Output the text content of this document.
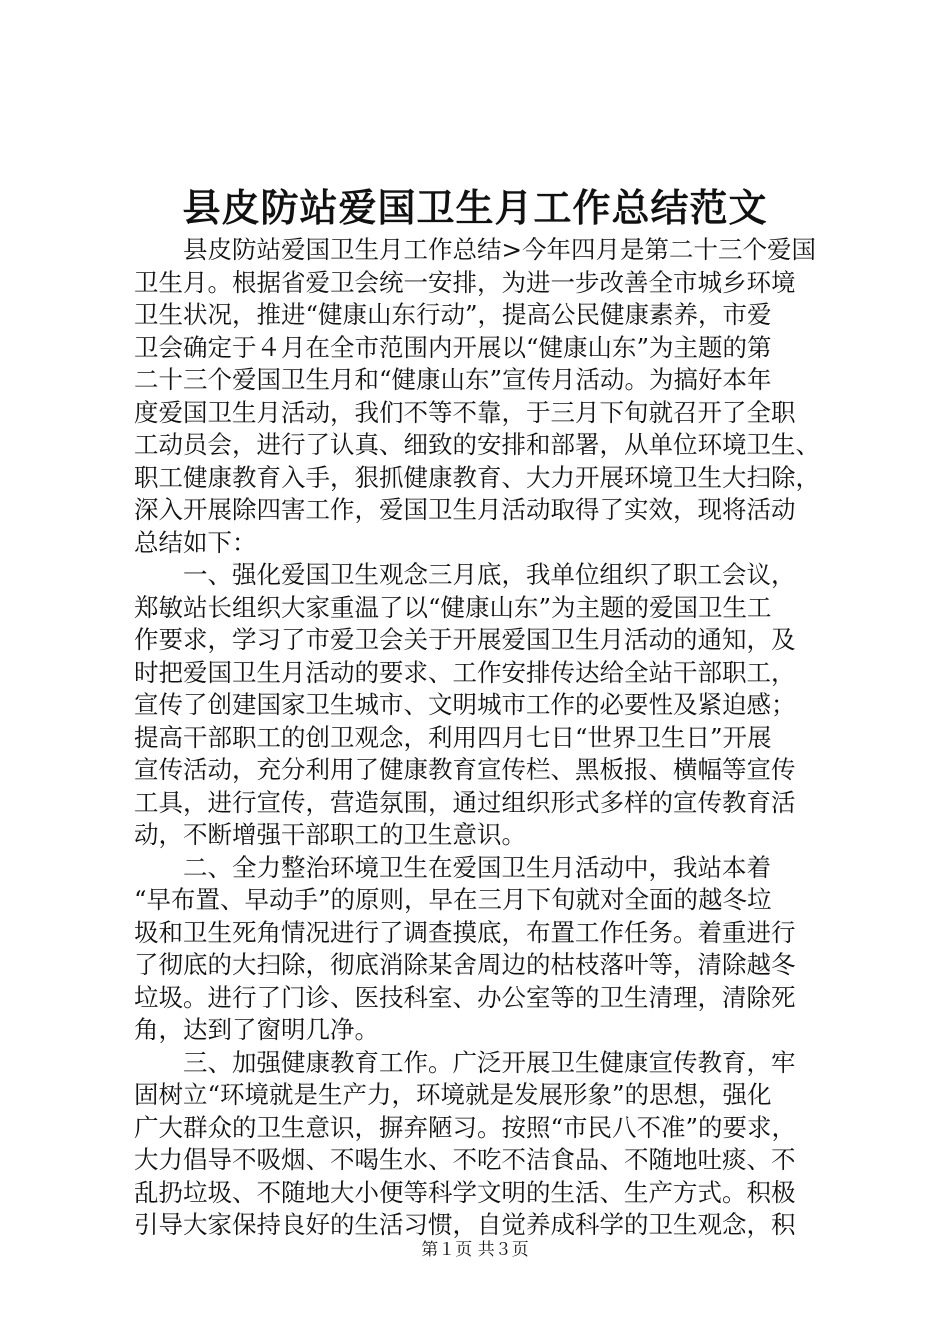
县皮防站爱国卫生月工作总结范文
　　县皮防站爱国卫生月工作总结>今年四月是第二十三个爱国
卫生月。根据省爱卫会统一安排，为进一步改善全市城乡环境
卫生状况，推进“健康山东行动”，提高公民健康素养，市爱
卫会确定于４月在全市范围内开展以“健康山东”为主题的第
二十三个爱国卫生月和“健康山东”宣传月活动。为搞好本年
度爱国卫生月活动，我们不等不靠，于三月下旬就召开了全职
工动员会，进行了认真、细致的安排和部署，从单位环境卫生、
职工健康教育入手，狠抓健康教育、大力开展环境卫生大扫除，
深入开展除四害工作，爱国卫生月活动取得了实效，现将活动
总结如下：
　　一、强化爱国卫生观念三月底，我单位组织了职工会议，
郑敏站长组织大家重温了以“健康山东”为主题的爱国卫生工
作要求，学习了市爱卫会关于开展爱国卫生月活动的通知，及
时把爱国卫生月活动的要求、工作安排传达给全站干部职工，
宣传了创建国家卫生城市、文明城市工作的必要性及紧迫感；
提高干部职工的创卫观念，利用四月七日“世界卫生日”开展
宣传活动，充分利用了健康教育宣传栏、黑板报、横幅等宣传
工具，进行宣传，营造氛围，通过组织形式多样的宣传教育活
动，不断增强干部职工的卫生意识。
　　二、全力整治环境卫生在爱国卫生月活动中，我站本着
“早布置、早动手”的原则，早在三月下旬就对全面的越冬垃
圾和卫生死角情况进行了调查摸底，布置工作任务。着重进行
了彻底的大扫除，彻底消除某舍周边的枯枝落叶等，清除越冬
垃圾。进行了门诊、医技科室、办公室等的卫生清理，清除死
角，达到了窗明几净。
　　三、加强健康教育工作。广泛开展卫生健康宣传教育，牢
固树立“环境就是生产力，环境就是发展形象”的思想，强化
广大群众的卫生意识，摒弃陋习。按照“市民八不准”的要求，
大力倡导不吸烟、不喝生水、不吃不洁食品、不随地吐痰、不
乱扔垃圾、不随地大小便等科学文明的生活、生产方式。积极
引导大家保持良好的生活习惯，自觉养成科学的卫生观念，积
第１页 共３页
